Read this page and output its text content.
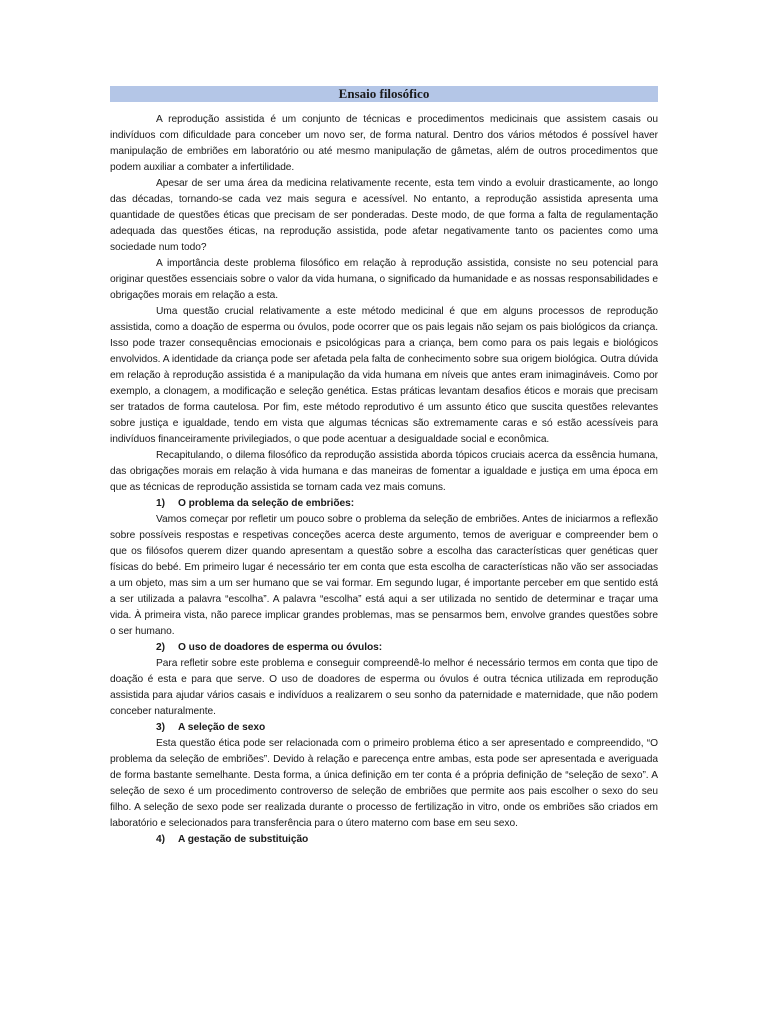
Ensaio filosófico

A reprodução assistida é um conjunto de técnicas e procedimentos medicinais que assistem casais ou indivíduos com dificuldade para conceber um novo ser, de forma natural. Dentro dos vários métodos é possível haver manipulação de embriões em laboratório ou até mesmo manipulação de gâmetas, além de outros procedimentos que podem auxiliar a combater a infertilidade.

Apesar de ser uma área da medicina relativamente recente, esta tem vindo a evoluir drasticamente, ao longo das décadas, tornando-se cada vez mais segura e acessível. No entanto, a reprodução assistida apresenta uma quantidade de questões éticas que precisam de ser ponderadas. Deste modo, de que forma a falta de regulamentação adequada das questões éticas, na reprodução assistida, pode afetar negativamente tanto os pacientes como uma sociedade num todo?

A importância deste problema filosófico em relação à reprodução assistida, consiste no seu potencial para originar questões essenciais sobre o valor da vida humana, o significado da humanidade e as nossas responsabilidades e obrigações morais em relação a esta.

Uma questão crucial relativamente a este método medicinal é que em alguns processos de reprodução assistida, como a doação de esperma ou óvulos, pode ocorrer que os pais legais não sejam os pais biológicos da criança. Isso pode trazer consequências emocionais e psicológicas para a criança, bem como para os pais legais e biológicos envolvidos. A identidade da criança pode ser afetada pela falta de conhecimento sobre sua origem biológica. Outra dúvida em relação à reprodução assistida é a manipulação da vida humana em níveis que antes eram inimagináveis. Como por exemplo, a clonagem, a modificação e seleção genética. Estas práticas levantam desafios éticos e morais que precisam ser tratados de forma cautelosa. Por fim, este método reprodutivo é um assunto ético que suscita questões relevantes sobre justiça e igualdade, tendo em vista que algumas técnicas são extremamente caras e só estão acessíveis para indivíduos financeiramente privilegiados, o que pode acentuar a desigualdade social e econômica.

Recapitulando, o dilema filosófico da reprodução assistida aborda tópicos cruciais acerca da essência humana, das obrigações morais em relação à vida humana e das maneiras de fomentar a igualdade e justiça em uma época em que as técnicas de reprodução assistida se tornam cada vez mais comuns.

1) O problema da seleção de embriões:

Vamos começar por refletir um pouco sobre o problema da seleção de embriões. Antes de iniciarmos a reflexão sobre possíveis respostas e respetivas conceções acerca deste argumento, temos de averiguar e compreender bem o que os filósofos querem dizer quando apresentam a questão sobre a escolha das características quer genéticas quer físicas do bebé. Em primeiro lugar é necessário ter em conta que esta escolha de características não vão ser associadas a um objeto, mas sim a um ser humano que se vai formar. Em segundo lugar, é importante perceber em que sentido está a ser utilizada a palavra “escolha”. A palavra “escolha” está aqui a ser utilizada no sentido de determinar e traçar uma vida. À primeira vista, não parece implicar grandes problemas, mas se pensarmos bem, envolve grandes questões sobre o ser humano.

2) O uso de doadores de esperma ou óvulos:

Para refletir sobre este problema e conseguir compreendê-lo melhor é necessário termos em conta que tipo de doação é esta e para que serve. O uso de doadores de esperma ou óvulos é outra técnica utilizada em reprodução assistida para ajudar vários casais e indivíduos a realizarem o seu sonho da paternidade e maternidade, que não podem conceber naturalmente.

3) A seleção de sexo

Esta questão ética pode ser relacionada com o primeiro problema ético a ser apresentado e compreendido, “O problema da seleção de embriões”. Devido à relação e parecença entre ambas, esta pode ser apresentada e averiguada de forma bastante semelhante. Desta forma, a única definição em ter conta é a própria definição de “seleção de sexo”. A seleção de sexo é um procedimento controverso de seleção de embriões que permite aos pais escolher o sexo do seu filho. A seleção de sexo pode ser realizada durante o processo de fertilização in vitro, onde os embriões são criados em laboratório e selecionados para transferência para o útero materno com base em seu sexo.

4) A gestação de substituição
